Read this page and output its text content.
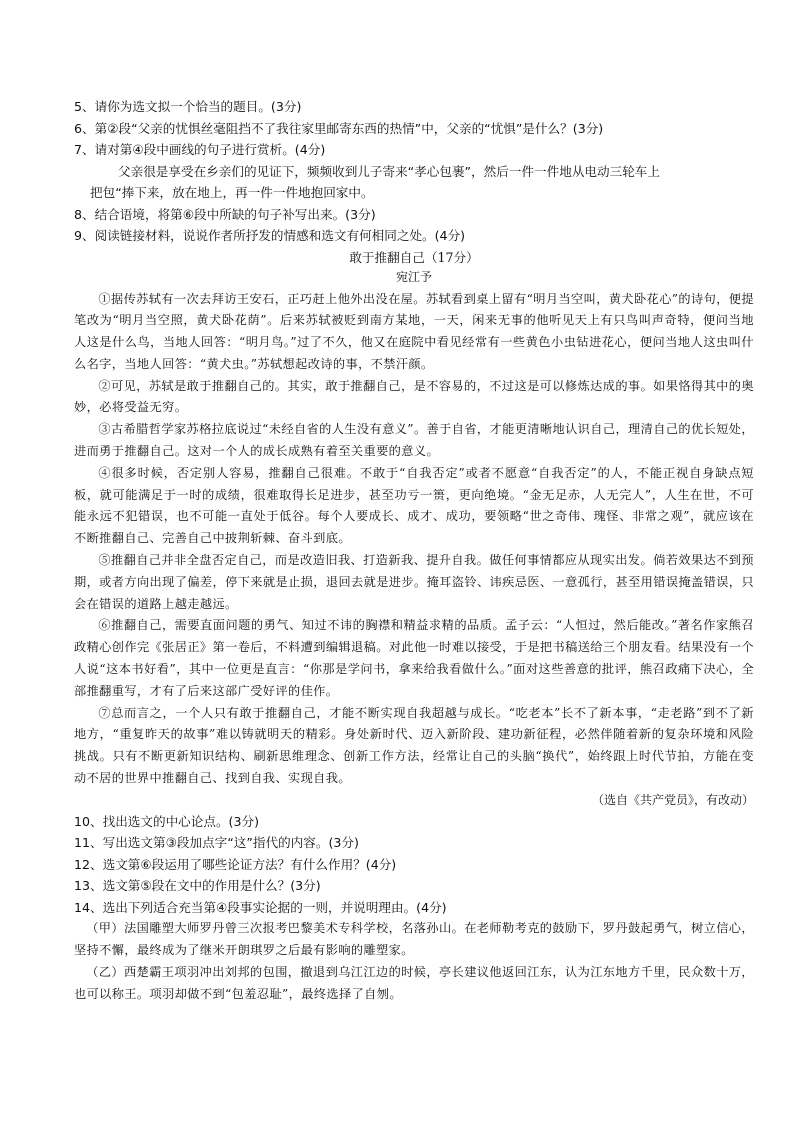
5、请你为选文拟一个恰当的题目。(3分)
6、第②段“父亲的忧惧丝毫阻挡不了我往家里邮寄东西的热情”中，父亲的“忧惧”是什么？(3分)
7、请对第④段中画线的句子进行赏析。(4分)
父亲很是享受在乡亲们的见证下，频频收到儿子寄来“孝心包裹”，然后一件一件地从电动三轮车上
把包“捧下来，放在地上，再一件一件地抱回家中。
8、结合语境，将第⑥段中所缺的句子补写出来。(3分)
9、阅读链接材料，说说作者所抒发的情感和选文有何相同之处。(4分)
敢于推翻自己（17分）
宛江予

①据传苏轼有一次去拜访王安石，正巧赶上他外出没在屋。苏轼看到桌上留有“明月当空叫，黄犬卧花心”的诗句，便提笔改为“明月当空照，黄犬卧花荫”。后来苏轼被贬到南方某地，一天，闲来无事的他听见天上有只鸟叫声奇特，便问当地人这是什么鸟，当地人回答：“明月鸟。”过了不久，他又在庭院中看见经常有一些黄色小虫钻进花心，便问当地人这虫叫什么名字，当地人回答：“黄犬虫。”苏轼想起改诗的事，不禁汗颜。

②可见，苏轼是敢于推翻自己的。其实，敢于推翻自己，是不容易的，不过这是可以修炼达成的事。如果恪得其中的奥妙，必将受益无穷。

③古希腊哲学家苏格拉底说过“未经自省的人生没有意义”。善于自省，才能更清晰地认识自己，理清自己的优长短处，进而勇于推翻自己。这对一个人的成长成熟有着至关重要的意义。

④很多时候，否定别人容易，推翻自己很难。不敢于“自我否定”或者不愿意“自我否定”的人，不能正视自身缺点短板，就可能满足于一时的成绩，很难取得长足进步，甚至功亏一篑，更向绝境。“金无足赤，人无完人”，人生在世，不可能永远不犯错误，也不可能一直处于低谷。每个人要成长、成才、成功，要领略“世之奇伟、瑰怪、非常之观”，就应该在不断推翻自己、完善自己中披荆斩棘、奋斗到底。

⑤推翻自己并非全盘否定自己，而是改造旧我、打造新我、提升自我。做任何事情都应从现实出发。倘若效果达不到预期，或者方向出现了偏差，停下来就是止损，退回去就是进步。掩耳盗铃、讳疾忌医、一意孤行，甚至用错误掩盖错误，只会在错误的道路上越走越远。

⑥推翻自己，需要直面问题的勇气、知过不讳的胸襟和精益求精的品质。孟子云：“人恒过，然后能改。”著名作家熊召政精心创作完《张居正》第一卷后，不料遭到编辑退稿。对此他一时难以接受，于是把书稿送给三个朋友看。结果没有一个人说“这本书好看”，其中一位更是直言：“你那是学问书，拿来给我看做什么。”面对这些善意的批评，熊召政痛下决心，全部推翻重写，才有了后来这部广受好评的佳作。

⑦总而言之，一个人只有敢于推翻自己，才能不断实现自我超越与成长。“吃老本”长不了新本事，“走老路”到不了新地方，“重复昨天的故事”难以铸就明天的精彩。身处新时代、迈入新阶段、建功新征程，必然伴随着新的复杂环境和风险挑战。只有不断更新知识结构、刷新思维理念、创新工作方法，经常让自己的头脑“换代”，始终跟上时代节拍，方能在变动不居的世界中推翻自己、找到自我、实现自我。

（选自《共产党员》，有改动）
10、找出选文的中心论点。(3分)
11、写出选文第③段加点字“这”指代的内容。(3分)
12、选文第⑥段运用了哪些论证方法？有什么作用？(4分)
13、选文第⑤段在文中的作用是什么？(3分)
14、选出下列适合充当第④段事实论据的一则，并说明理由。(4分)

（甲）法国雕塑大师罗丹曾三次报考巴黎美术专科学校，名落孙山。在老师勒考克的鼓励下，罗丹鼓起勇气，树立信心，坚持不懈，最终成为了继米开朗琪罗之后最有影响的雕塑家。

（乙）西楚霸王项羽冲出刘邦的包围，撤退到乌江江边的时候，亭长建议他返回江东，认为江东地方千里，民众数十万，也可以称王。项羽却做不到“包羞忍耻”，最终选择了自刎。
